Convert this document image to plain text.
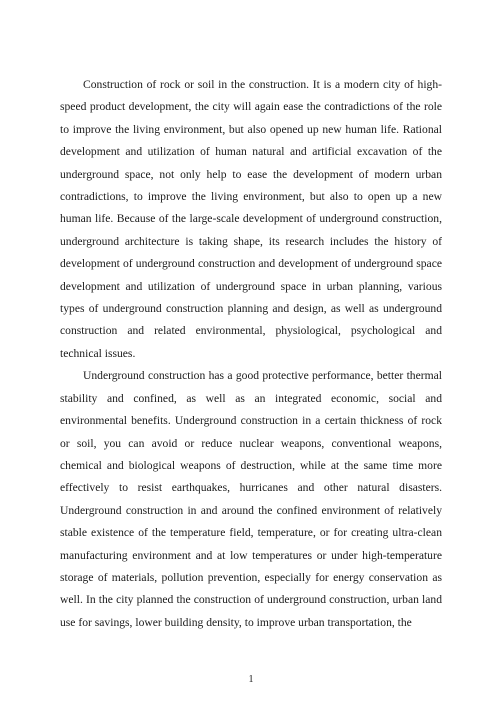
Construction of rock or soil in the construction. It is a modern city of high-speed product development, the city will again ease the contradictions of the role to improve the living environment, but also opened up new human life. Rational development and utilization of human natural and artificial excavation of the underground space, not only help to ease the development of modern urban contradictions, to improve the living environment, but also to open up a new human life. Because of the large-scale development of underground construction, underground architecture is taking shape, its research includes the history of development of underground construction and development of underground space development and utilization of underground space in urban planning, various types of underground construction planning and design, as well as underground construction and related environmental, physiological, psychological and technical issues.

Underground construction has a good protective performance, better thermal stability and confined, as well as an integrated economic, social and environmental benefits. Underground construction in a certain thickness of rock or soil, you can avoid or reduce nuclear weapons, conventional weapons, chemical and biological weapons of destruction, while at the same time more effectively to resist earthquakes, hurricanes and other natural disasters. Underground construction in and around the confined environment of relatively stable existence of the temperature field, temperature, or for creating ultra-clean manufacturing environment and at low temperatures or under high-temperature storage of materials, pollution prevention, especially for energy conservation as well. In the city planned the construction of underground construction, urban land use for savings, lower building density, to improve urban transportation, the

1
